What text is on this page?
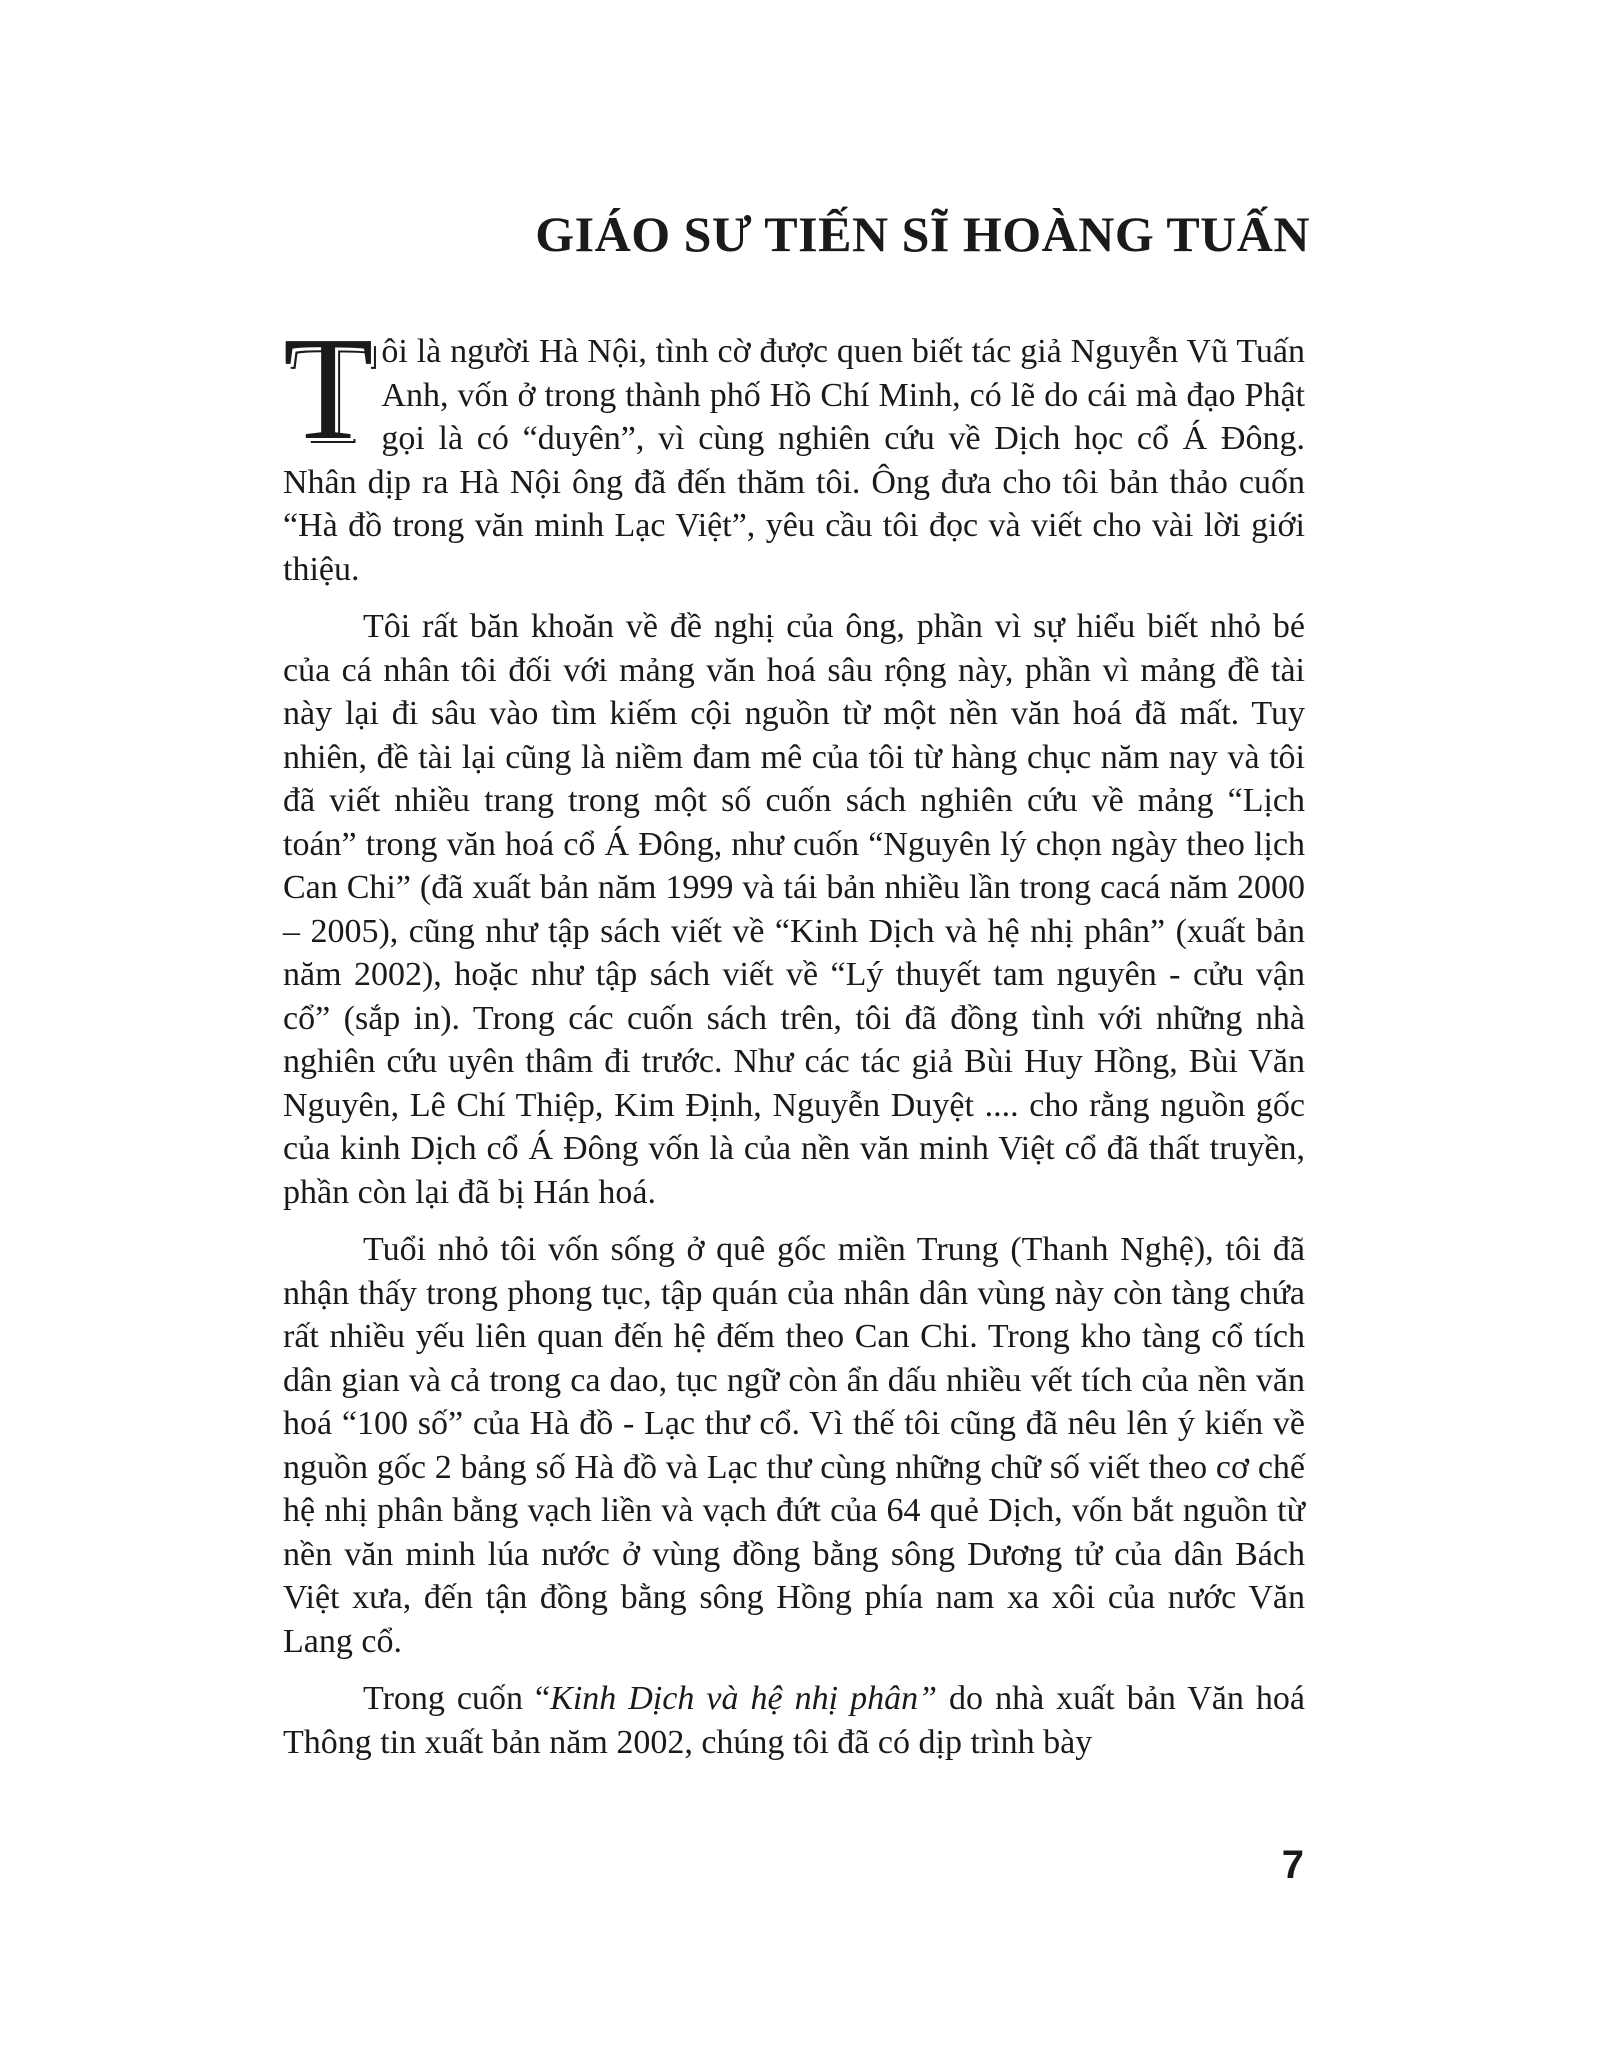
GIÁO SƯ TIẾN SĨ HOÀNG TUẤN

Tôi là người Hà Nội, tình cờ được quen biết tác giả Nguyễn Vũ Tuấn Anh, vốn ở trong thành phố Hồ Chí Minh, có lẽ do cái mà đạo Phật gọi là có “duyên”, vì cùng nghiên cứu về Dịch học cổ Á Đông. Nhân dịp ra Hà Nội ông đã đến thăm tôi. Ông đưa cho tôi bản thảo cuốn “Hà đồ trong văn minh Lạc Việt”, yêu cầu tôi đọc và viết cho vài lời giới thiệu.

Tôi rất băn khoăn về đề nghị của ông, phần vì sự hiểu biết nhỏ bé của cá nhân tôi đối với mảng văn hoá sâu rộng này, phần vì mảng đề tài này lại đi sâu vào tìm kiếm cội nguồn từ một nền văn hoá đã mất. Tuy nhiên, đề tài lại cũng là niềm đam mê của tôi từ hàng chục năm nay và tôi đã viết nhiều trang trong một số cuốn sách nghiên cứu về mảng “Lịch toán” trong văn hoá cổ Á Đông, như cuốn “Nguyên lý chọn ngày theo lịch Can Chi” (đã xuất bản năm 1999 và tái bản nhiều lần trong cacá năm 2000 – 2005), cũng như tập sách viết về “Kinh Dịch và hệ nhị phân” (xuất bản năm 2002), hoặc như tập sách viết về “Lý thuyết tam nguyên - cửu vận cổ” (sắp in). Trong các cuốn sách trên, tôi đã đồng tình với những nhà nghiên cứu uyên thâm đi trước. Như các tác giả Bùi Huy Hồng, Bùi Văn Nguyên, Lê Chí Thiệp, Kim Định, Nguyễn Duyệt .... cho rằng nguồn gốc của kinh Dịch cổ Á Đông vốn là của nền văn minh Việt cổ đã thất truyền, phần còn lại đã bị Hán hoá.

Tuổi nhỏ tôi vốn sống ở quê gốc miền Trung (Thanh Nghệ), tôi đã nhận thấy trong phong tục, tập quán của nhân dân vùng này còn tàng chứa rất nhiều yếu liên quan đến hệ đếm theo Can Chi. Trong kho tàng cổ tích dân gian và cả trong ca dao, tục ngữ còn ẩn dấu nhiều vết tích của nền văn hoá “100 số” của Hà đồ - Lạc thư cổ. Vì thế tôi cũng đã nêu lên ý kiến về nguồn gốc 2 bảng số Hà đồ và Lạc thư cùng những chữ số viết theo cơ chế hệ nhị phân bằng vạch liền và vạch đứt của 64 quẻ Dịch, vốn bắt nguồn từ nền văn minh lúa nước ở vùng đồng bằng sông Dương tử của dân Bách Việt xưa, đến tận đồng bằng sông Hồng phía nam xa xôi của nước Văn Lang cổ.

Trong cuốn “Kinh Dịch và hệ nhị phân” do nhà xuất bản Văn hoá Thông tin xuất bản năm 2002, chúng tôi đã có dịp trình bày

7
